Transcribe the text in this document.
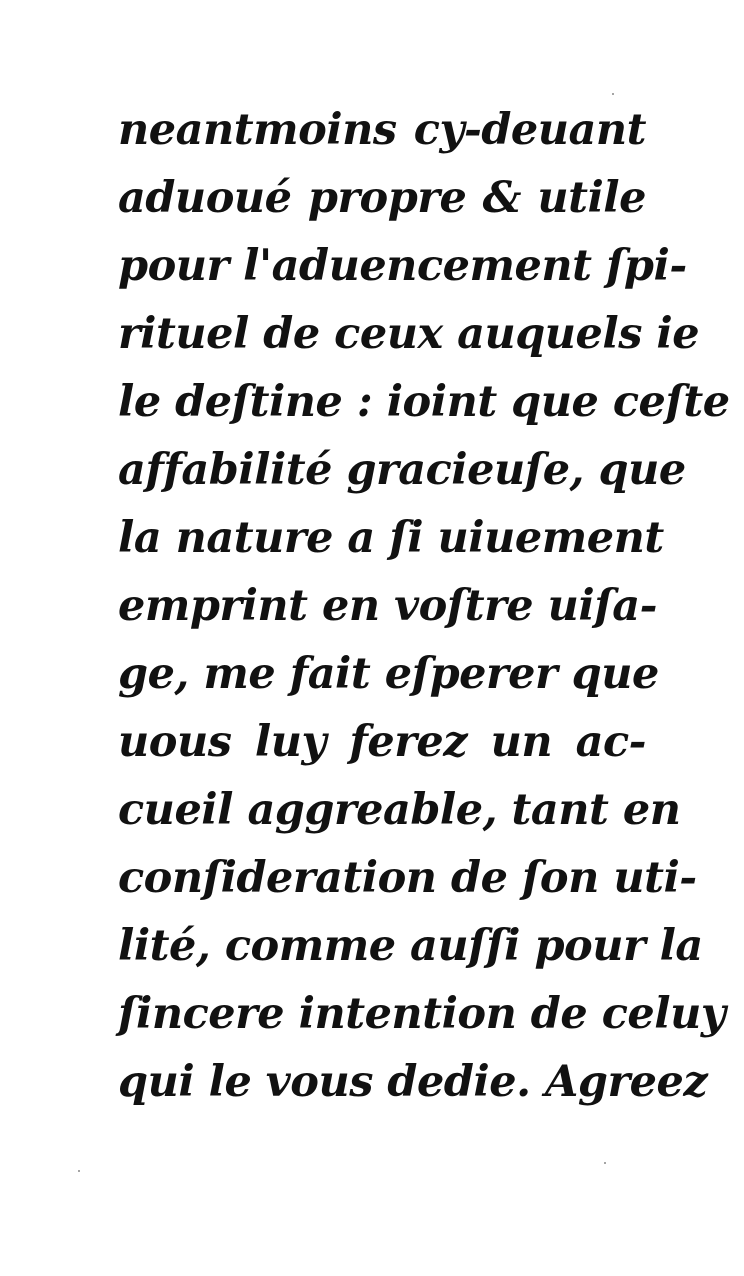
neantmoins cy-deuant
aduoué propre & utile
pour l'aduencement ſpi-
rituel de ceux auquels ie
le deſtine : ioint que ceſte
affabilité gracieuſe, que
la nature a ſi uiuement
emprint en voſtre uiſa-
ge, me fait eſperer que
uous luy ferez un ac-
cueil aggreable, tant en
conſideration de ſon uti-
lité, comme auſſi pour la
ſincere intention de celuy
qui le vous dedie. Agreez
